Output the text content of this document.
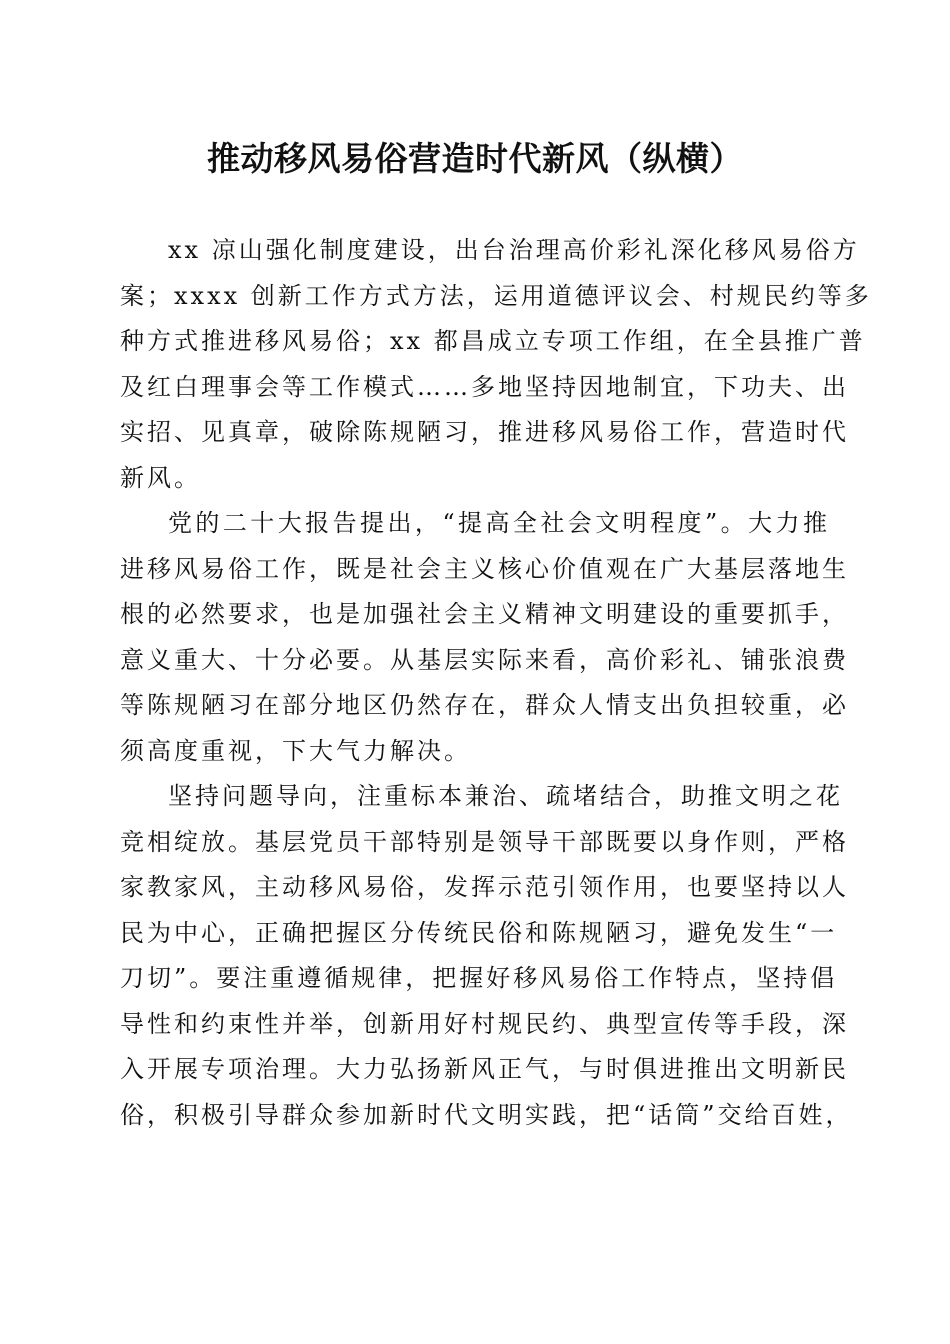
推动移风易俗营造时代新风（纵横）
xx 凉山强化制度建设，出台治理高价彩礼深化移风易俗方
案；xxxx 创新工作方式方法，运用道德评议会、村规民约等多
种方式推进移风易俗；xx 都昌成立专项工作组，在全县推广普
及红白理事会等工作模式……多地坚持因地制宜，下功夫、出
实招、见真章，破除陈规陋习，推进移风易俗工作，营造时代
新风。
党的二十大报告提出，“提高全社会文明程度”。大力推
进移风易俗工作，既是社会主义核心价值观在广大基层落地生
根的必然要求，也是加强社会主义精神文明建设的重要抓手，
意义重大、十分必要。从基层实际来看，高价彩礼、铺张浪费
等陈规陋习在部分地区仍然存在，群众人情支出负担较重，必
须高度重视，下大气力解决。
坚持问题导向，注重标本兼治、疏堵结合，助推文明之花
竞相绽放。基层党员干部特别是领导干部既要以身作则，严格
家教家风，主动移风易俗，发挥示范引领作用，也要坚持以人
民为中心，正确把握区分传统民俗和陈规陋习，避免发生“一
刀切”。要注重遵循规律，把握好移风易俗工作特点，坚持倡
导性和约束性并举，创新用好村规民约、典型宣传等手段，深
入开展专项治理。大力弘扬新风正气，与时俱进推出文明新民
俗，积极引导群众参加新时代文明实践，把“话筒”交给百姓，
